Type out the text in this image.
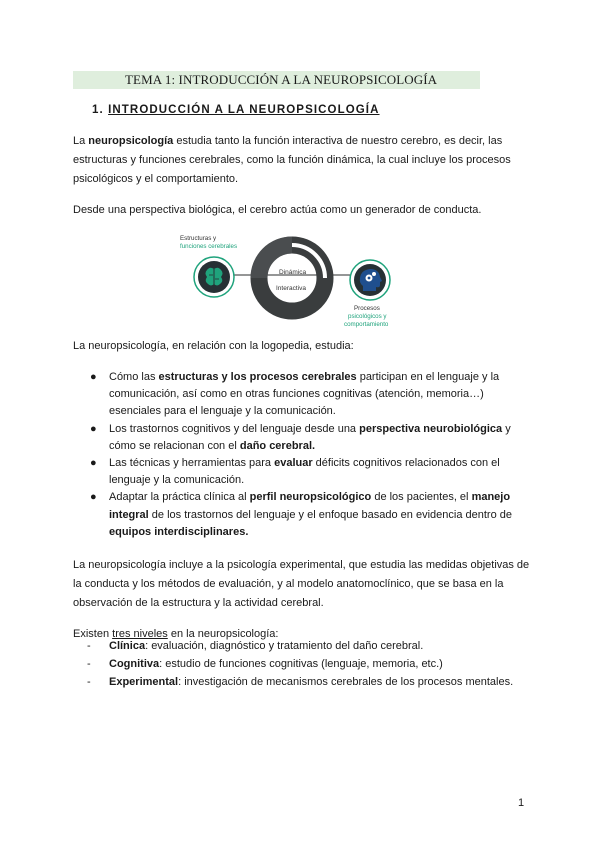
TEMA 1: INTRODUCCIÓN A LA NEUROPSICOLOGÍA
1. INTRODUCCIÓN A LA NEUROPSICOLOGÍA
La neuropsicología estudia tanto la función interactiva de nuestro cerebro, es decir, las estructuras y funciones cerebrales, como la función dinámica, la cual incluye los procesos psicológicos y el comportamiento.
Desde una perspectiva biológica, el cerebro actúa como un generador de conducta.
Dinámica
Interactiva
Estructuras y
funciones cerebrales
Procesos
psicológicos y
comportamiento
La neuropsicología, en relación con la logopedia, estudia:
● Cómo las estructuras y los procesos cerebrales participan en el lenguaje y la comunicación, así como en otras funciones cognitivas (atención, memoria…) esenciales para el lenguaje y la comunicación.
● Los trastornos cognitivos y del lenguaje desde una perspectiva neurobiológica y cómo se relacionan con el daño cerebral.
● Las técnicas y herramientas para evaluar déficits cognitivos relacionados con el lenguaje y la comunicación.
● Adaptar la práctica clínica al perfil neuropsicológico de los pacientes, el manejo integral de los trastornos del lenguaje y el enfoque basado en evidencia dentro de equipos interdisciplinares.
La neuropsicología incluye a la psicología experimental, que estudia las medidas objetivas de la conducta y los métodos de evaluación, y al modelo anatomoclínico, que se basa en la observación de la estructura y la actividad cerebral.
Existen tres niveles en la neuropsicología:
- Clínica: evaluación, diagnóstico y tratamiento del daño cerebral.
- Cognitiva: estudio de funciones cognitivas (lenguaje, memoria, etc.)
- Experimental: investigación de mecanismos cerebrales de los procesos mentales.
1
